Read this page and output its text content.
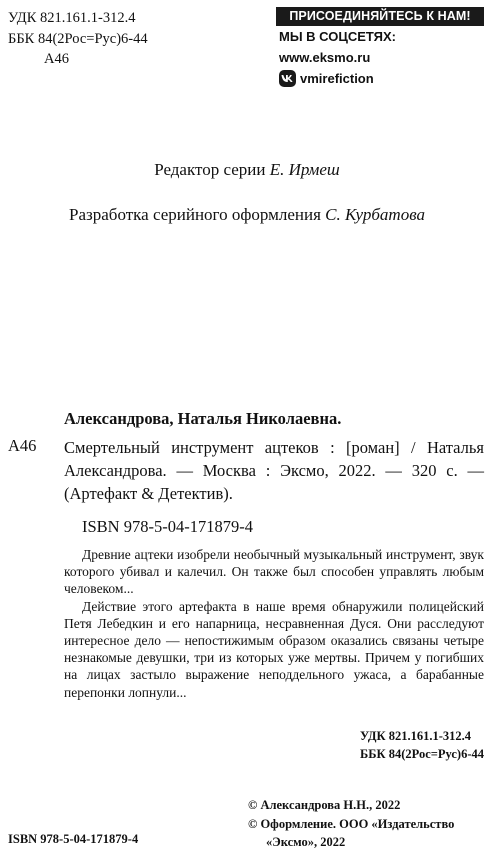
УДК 821.161.1-312.4
ББК 84(2Рос=Рус)6-44
А46
ПРИСОЕДИНЯЙТЕСЬ К НАМ!
МЫ В СОЦСЕТЯХ:
www.eksmo.ru
vmirefiction
Редактор серии Е. Ирмеш
Разработка серийного оформления С. Курбатова
Александрова, Наталья Николаевна.
А46 Смертельный инструмент ацтеков : [роман] / Наталья Александрова. — Москва : Эксмо, 2022. — 320 с. — (Артефакт & Детектив).
ISBN 978-5-04-171879-4

Древние ацтеки изобрели необычный музыкальный инструмент, звук которого убивал и калечил. Он также был способен управлять любым человеком...

Действие этого артефакта в наше время обнаружили полицейский Петя Лебедкин и его напарница, несравненная Дуся. Они расследуют интересное дело — непостижимым образом оказались связаны четыре незнакомые девушки, три из которых уже мертвы. Причем у погибших на лицах застыло выражение неподдельного ужаса, а барабанные перепонки лопнули...

УДК 821.161.1-312.4
ББК 84(2Рос=Рус)6-44
© Александрова Н.Н., 2022
© Оформление. ООО «Издательство
«Эксмо», 2022
ISBN 978-5-04-171879-4
